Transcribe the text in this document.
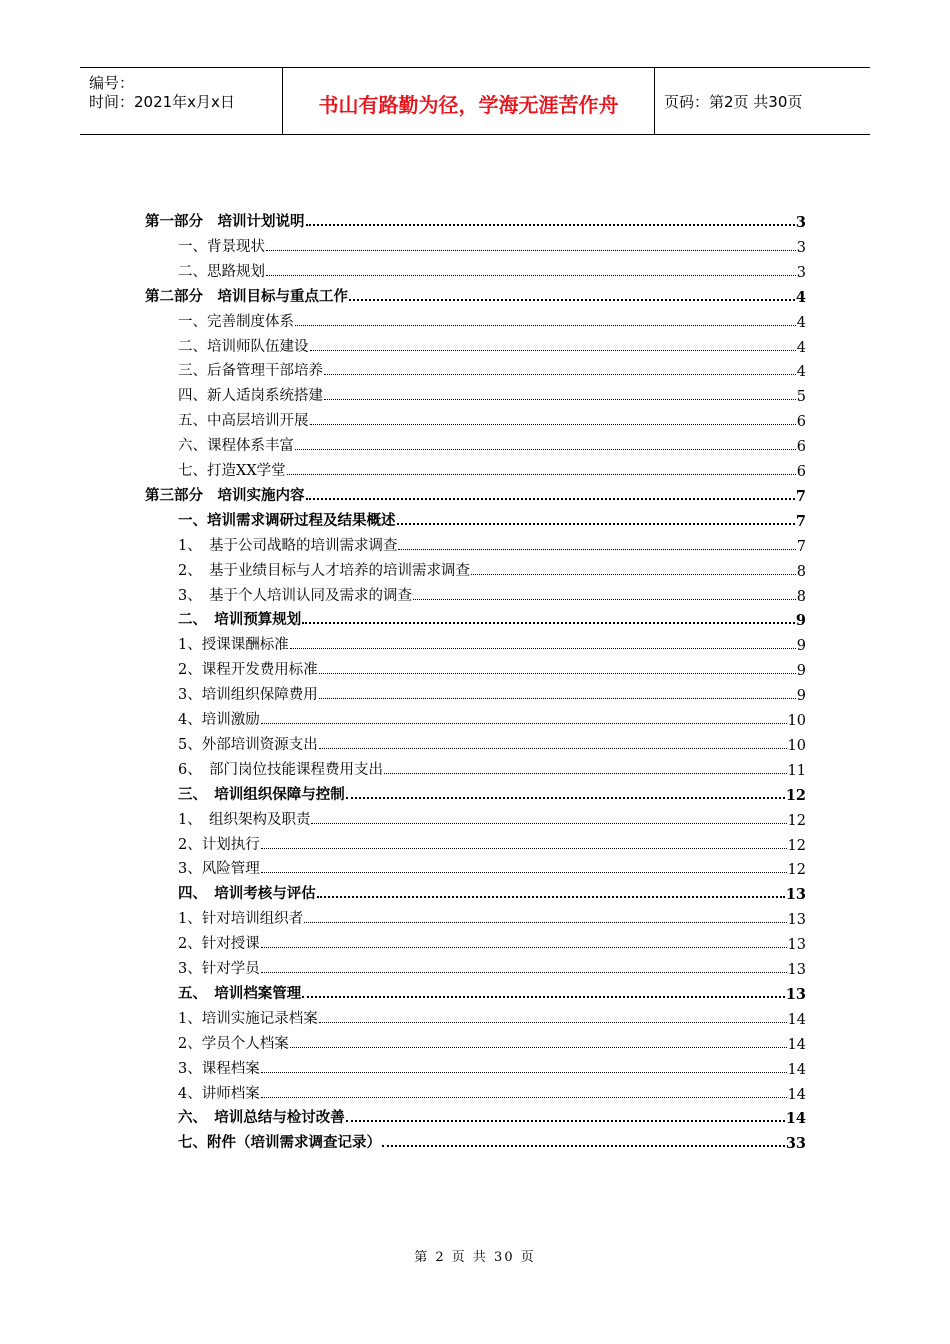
编号：
时间：2021年x月x日	书山有路勤为径，学海无涯苦作舟	页码：第2页 共30页
第一部分　培训计划说明	3
一、背景现状	3
二、思路规划	3
第二部分　培训目标与重点工作	4
一、完善制度体系	4
二、培训师队伍建设	4
三、后备管理干部培养	4
四、新人适岗系统搭建	5
五、中高层培训开展	6
六、课程体系丰富	6
七、打造XX学堂	6
第三部分　培训实施内容	7
一、培训需求调研过程及结果概述	7
1、　基于公司战略的培训需求调查	7
2、　基于业绩目标与人才培养的培训需求调查	8
3、　基于个人培训认同及需求的调查	8
二、　培训预算规划	9
1、授课课酬标准	9
2、课程开发费用标准	9
3、培训组织保障费用	9
4、培训激励	10
5、外部培训资源支出	10
6、　部门岗位技能课程费用支出	11
三、　培训组织保障与控制	12
1、　组织架构及职责	12
2、计划执行	12
3、风险管理	12
四、　培训考核与评估	13
1、针对培训组织者	13
2、针对授课	13
3、针对学员	13
五、　培训档案管理	13
1、培训实施记录档案	14
2、学员个人档案	14
3、课程档案	14
4、讲师档案	14
六、　培训总结与检讨改善	14
七、附件（培训需求调查记录）	33
第 2 页 共 30 页
